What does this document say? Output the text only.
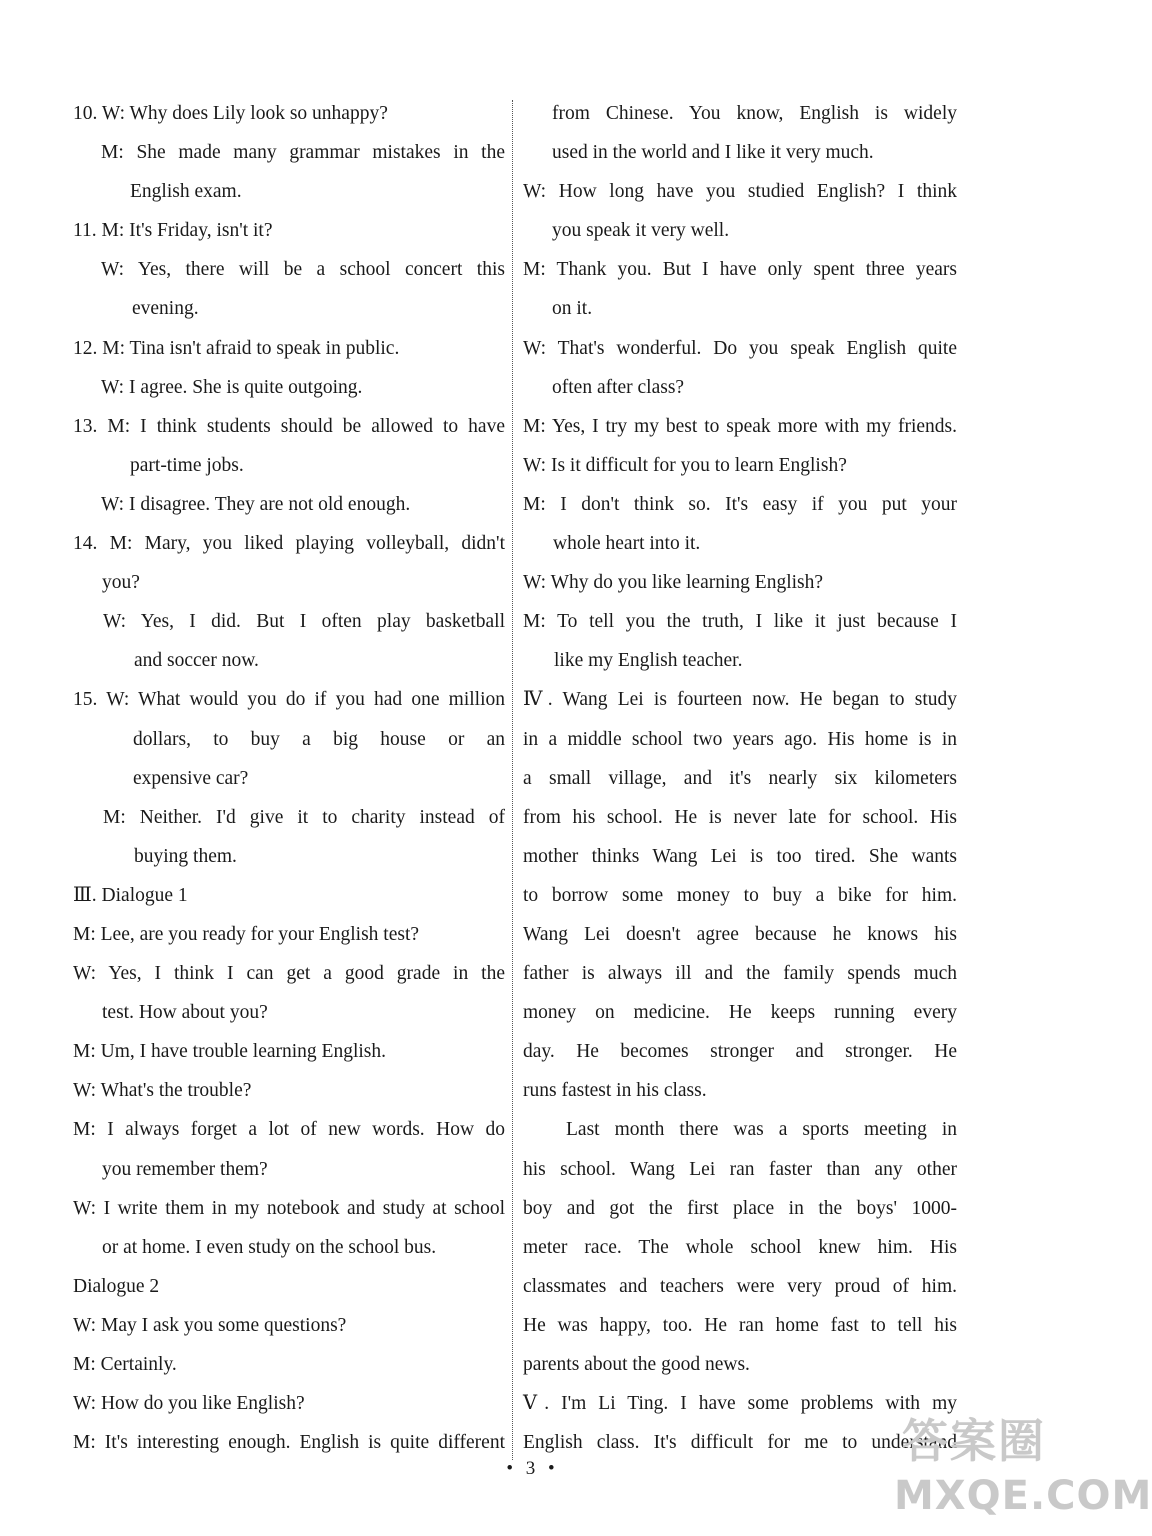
10. W: Why does Lily look so unhappy?
M: She made many grammar mistakes in the
English exam.
11. M: It's Friday, isn't it?
W: Yes, there will be a school concert this
evening.
12. M: Tina isn't afraid to speak in public.
W: I agree. She is quite outgoing.
13. M: I think students should be allowed to have
part-time jobs.
W: I disagree. They are not old enough.
14. M: Mary, you liked playing volleyball, didn't
you?
W: Yes, I did. But I often play basketball
and soccer now.
15. W: What would you do if you had one million
dollars, to buy a big house or an
expensive car?
M: Neither. I'd give it to charity instead of
buying them.
Ⅲ. Dialogue 1
M: Lee, are you ready for your English test?
W: Yes, I think I can get a good grade in the
test. How about you?
M: Um, I have trouble learning English.
W: What's the trouble?
M: I always forget a lot of new words. How do
you remember them?
W: I write them in my notebook and study at school
or at home. I even study on the school bus.
Dialogue 2
W: May I ask you some questions?
M: Certainly.
W: How do you like English?
M: It's interesting enough. English is quite different
from Chinese. You know, English is widely
used in the world and I like it very much.
W: How long have you studied English? I think
you speak it very well.
M: Thank you. But I have only spent three years
on it.
W: That's wonderful. Do you speak English quite
often after class?
M: Yes, I try my best to speak more with my friends.
W: Is it difficult for you to learn English?
M: I don't think so. It's easy if you put your
whole heart into it.
W: Why do you like learning English?
M: To tell you the truth, I like it just because I
like my English teacher.
Ⅳ. Wang Lei is fourteen now. He began to study
in a middle school two years ago. His home is in
a small village, and it's nearly six kilometers
from his school. He is never late for school. His
mother thinks Wang Lei is too tired. She wants
to borrow some money to buy a bike for him.
Wang Lei doesn't agree because he knows his
father is always ill and the family spends much
money on medicine. He keeps running every
day. He becomes stronger and stronger. He
runs fastest in his class.
Last month there was a sports meeting in
his school. Wang Lei ran faster than any other
boy and got the first place in the boys' 1000-
meter race. The whole school knew him. His
classmates and teachers were very proud of him.
He was happy, too. He ran home fast to tell his
parents about the good news.
Ⅴ. I'm Li Ting. I have some problems with my
English class. It's difficult for me to understand
• 3 •
答案圈
MXQE.COM
